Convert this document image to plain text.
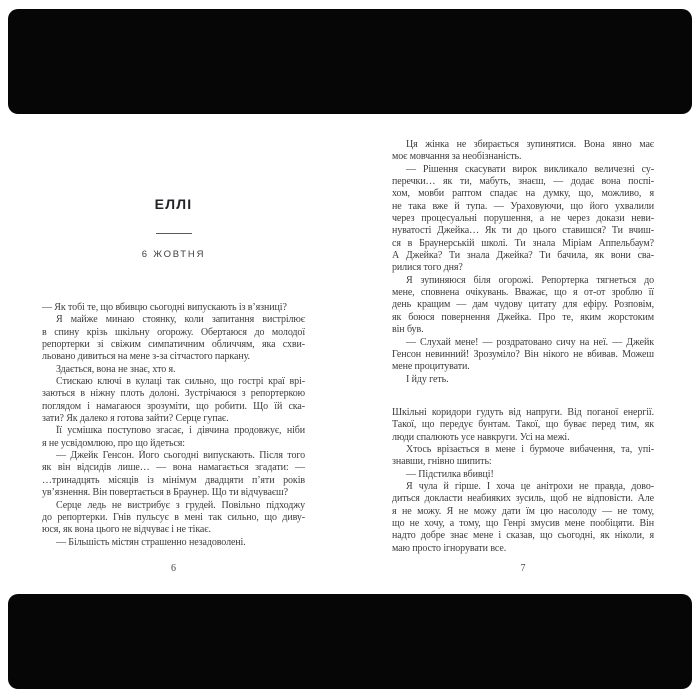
ЕЛЛІ
6 ЖОВТНЯ
— Як тобі те, що вбивцю сьогодні випускають із в’язниці?
Я майже минаю стоянку, коли запитання вистрілює
в спину крізь шкільну огорожу. Обертаюся до молодої
репортерки зі свіжим симпатичним обличчям, яка схви-
льовано дивиться на мене з-за сітчастого паркану.
Здається, вона не знає, хто я.
Стискаю ключі в кулаці так сильно, що гострі краї врі-
заються в ніжну плоть долоні. Зустрічаюся з репортеркою
поглядом і намагаюся зрозуміти, що робити. Що їй ска-
зати? Як далеко я готова зайти? Серце гупає.
Її усмішка поступово згасає, і дівчина продовжує, ніби
я не усвідомлюю, про що йдеться:
— Джейк Генсон. Його сьогодні випускають. Після того
як він відсидів лише… — вона намагається згадати: —
…тринадцять місяців із мінімум двадцяти п’яти років
ув’язнення. Він повертається в Браунер. Що ти відчуваєш?
Серце ледь не вистрибує з грудей. Повільно підходжу
до репортерки. Гнів пульсує в мені так сильно, що диву-
юся, як вона цього не відчуває і не тікає.
— Більшість містян страшенно незадоволені.
6
Ця жінка не збирається зупинятися. Вона явно має
моє мовчання за необізнаність.
— Рішення скасувати вирок викликало величезні су-
перечки… як ти, мабуть, знаєш, — додає вона поспі-
хом, мовби раптом спадає на думку, що, можливо, я
не така вже й тупа. — Ураховуючи, що його ухвалили
через процесуальні порушення, а не через докази неви-
нуватості Джейка… Як ти до цього ставишся? Ти вчиш-
ся в Браунерській школі. Ти знала Міріам Аппельбаум?
А Джейка? Ти знала Джейка? Ти бачила, як вони сва-
рилися того дня?
Я зупиняюся біля огорожі. Репортерка тягнеться до
мене, сповнена очікувань. Вважає, що я от-от зроблю її
день кращим — дам чудову цитату для ефіру. Розповім,
як боюся повернення Джейка. Про те, яким жорстоким
він був.
— Слухай мене! — роздратовано сичу на неї. — Джейк
Генсон невинний! Зрозуміло? Він нікого не вбивав. Можеш
мене процитувати.
І йду геть.
Шкільні коридори гудуть від напруги. Від поганої енергії.
Такої, що передує бунтам. Такої, що буває перед тим, як
люди спалюють усе навкруги. Усі на межі.
Хтось врізається в мене і бурмоче вибачення, та, упі-
знавши, гнівно шипить:
— Підстилка вбивці!
Я чула й гірше. І хоча це анітрохи не правда, дово-
диться докласти неабияких зусиль, щоб не відповісти. Але
я не можу. Я не можу дати їм цю насолоду — не тому,
що не хочу, а тому, що Генрі змусив мене пообіцяти. Він
надто добре знає мене і сказав, що сьогодні, як ніколи, я
маю просто ігнорувати все.
7
